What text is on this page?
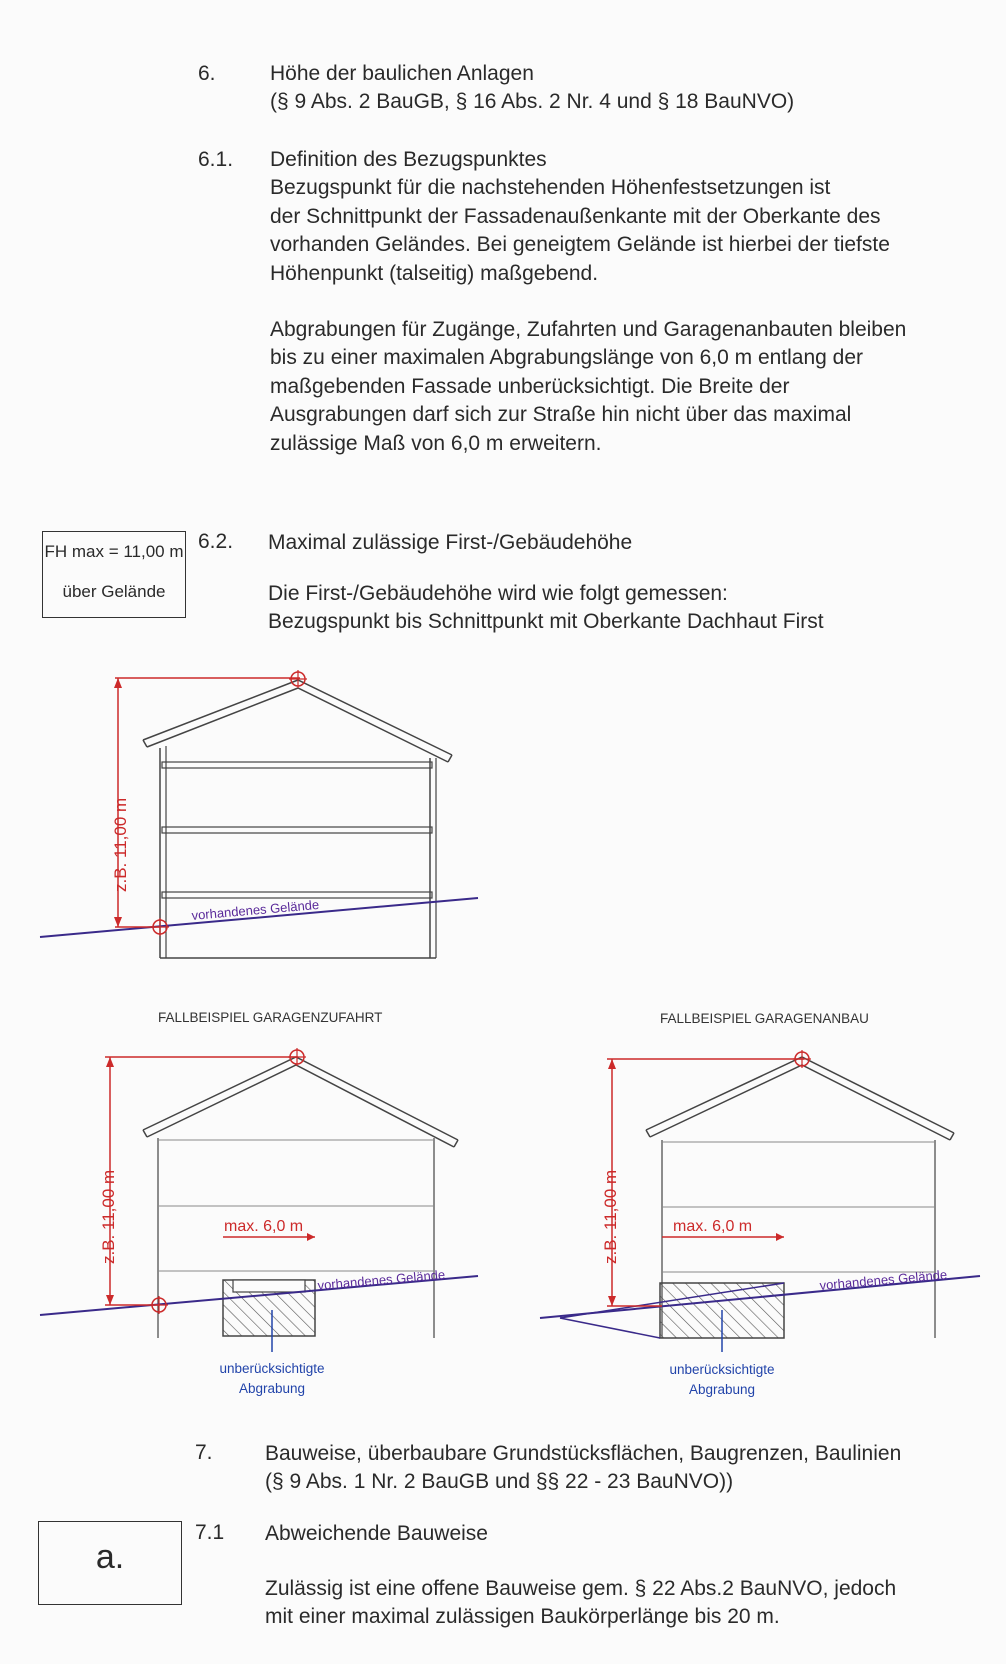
6.	Höhe der baulichen Anlagen
(§ 9 Abs. 2 BauGB, § 16 Abs. 2 Nr. 4 und § 18 BauNVO)
6.1. Definition des Bezugspunktes
Bezugspunkt für die nachstehenden Höhenfestsetzungen ist
der Schnittpunkt der Fassadenaußenkante mit der Oberkante des
vorhanden Geländes. Bei geneigtem Gelände ist hierbei der tiefste
Höhenpunkt (talseitig) maßgebend.
Abgrabungen für Zugänge, Zufahrten und Garagenanbauten bleiben
bis zu einer maximalen Abgrabungslänge von 6,0 m entlang der
maßgebenden Fassade unberücksichtigt. Die Breite der
Ausgrabungen darf sich zur Straße hin nicht über das maximal
zulässige Maß von 6,0 m erweitern.
FH max = 11,00 m
über Gelände
6.2. Maximal zulässige First-/Gebäudehöhe
Die First-/Gebäudehöhe wird wie folgt gemessen:
Bezugspunkt bis Schnittpunkt mit Oberkante Dachhaut First
z.B. 11,00 m
vorhandenes Gelände
FALLBEISPIEL GARAGENZUFAHRT
max. 6,0 m
vorhandenes Gelände
z.B. 11,00 m
unberücksichtigte
Abgrabung
FALLBEISPIEL GARAGENANBAU
max. 6,0 m
vorhandenes Gelände
z.B. 11,00 m
unberücksichtigte
Abgrabung
7. Bauweise, überbaubare Grundstücksflächen, Baugrenzen, Baulinien
(§ 9 Abs. 1 Nr. 2 BauGB und §§ 22 - 23 BauNVO))
a.
7.1 Abweichende Bauweise
Zulässig ist eine offene Bauweise gem. § 22 Abs.2 BauNVO, jedoch
mit einer maximal zulässigen Baukörperlänge bis 20 m.
